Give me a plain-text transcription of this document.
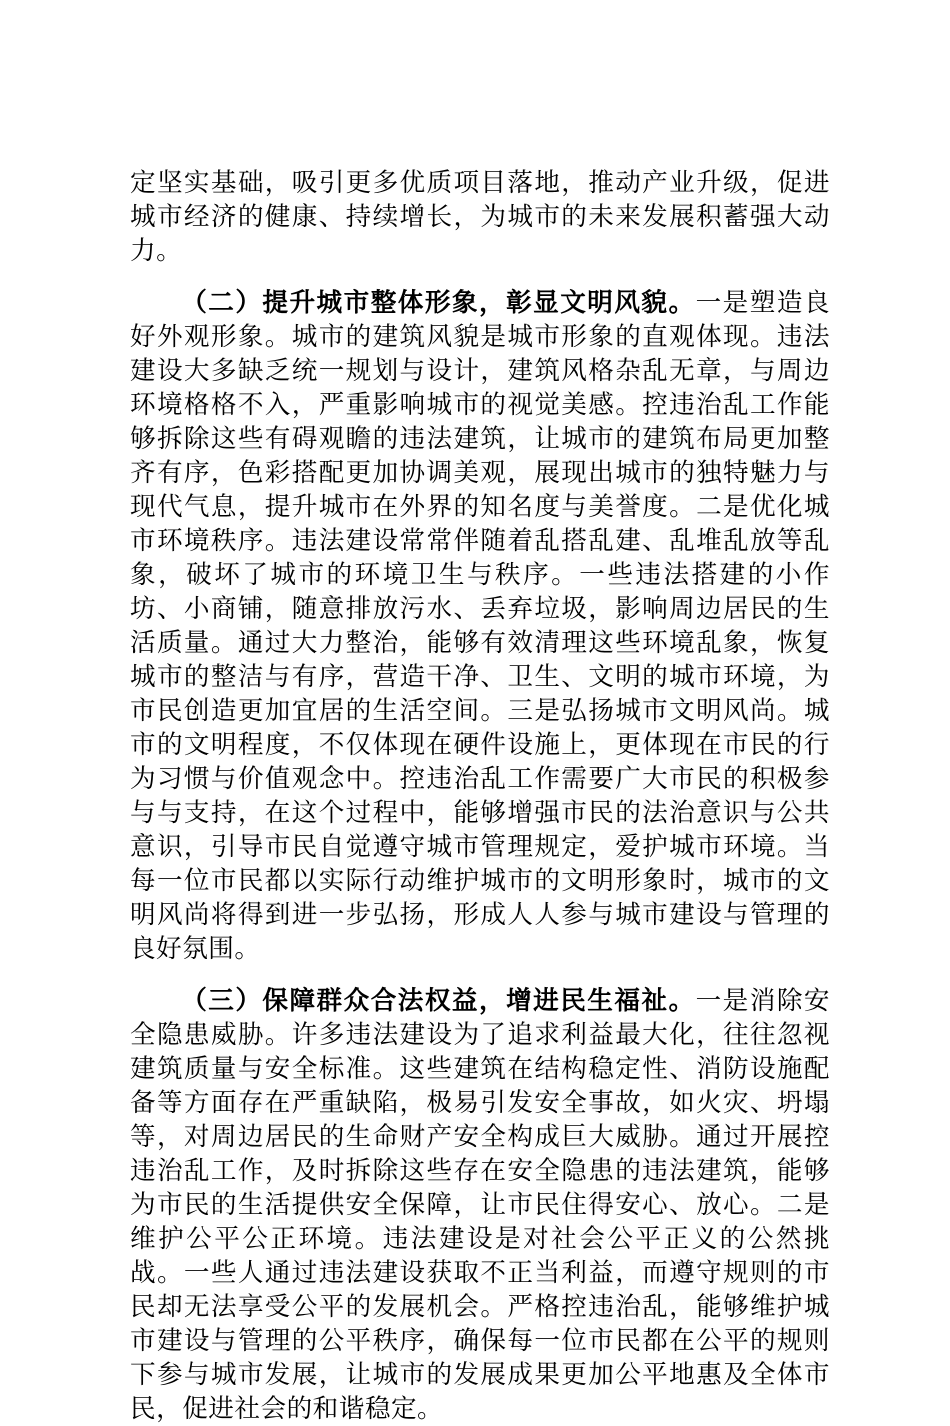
定坚实基础，吸引更多优质项目落地，推动产业升级，促进城市经济的健康、持续增长，为城市的未来发展积蓄强大动力。

（二）提升城市整体形象，彰显文明风貌。一是塑造良好外观形象。城市的建筑风貌是城市形象的直观体现。违法建设大多缺乏统一规划与设计，建筑风格杂乱无章，与周边环境格格不入，严重影响城市的视觉美感。控违治乱工作能够拆除这些有碍观瞻的违法建筑，让城市的建筑布局更加整齐有序，色彩搭配更加协调美观，展现出城市的独特魅力与现代气息，提升城市在外界的知名度与美誉度。二是优化城市环境秩序。违法建设常常伴随着乱搭乱建、乱堆乱放等乱象，破坏了城市的环境卫生与秩序。一些违法搭建的小作坊、小商铺，随意排放污水、丢弃垃圾，影响周边居民的生活质量。通过大力整治，能够有效清理这些环境乱象，恢复城市的整洁与有序，营造干净、卫生、文明的城市环境，为市民创造更加宜居的生活空间。三是弘扬城市文明风尚。城市的文明程度，不仅体现在硬件设施上，更体现在市民的行为习惯与价值观念中。控违治乱工作需要广大市民的积极参与与支持，在这个过程中，能够增强市民的法治意识与公共意识，引导市民自觉遵守城市管理规定，爱护城市环境。当每一位市民都以实际行动维护城市的文明形象时，城市的文明风尚将得到进一步弘扬，形成人人参与城市建设与管理的良好氛围。

（三）保障群众合法权益，增进民生福祉。一是消除安全隐患威胁。许多违法建设为了追求利益最大化，往往忽视建筑质量与安全标准。这些建筑在结构稳定性、消防设施配备等方面存在严重缺陷，极易引发安全事故，如火灾、坍塌等，对周边居民的生命财产安全构成巨大威胁。通过开展控违治乱工作，及时拆除这些存在安全隐患的违法建筑，能够为市民的生活提供安全保障，让市民住得安心、放心。二是维护公平公正环境。违法建设是对社会公平正义的公然挑战。一些人通过违法建设获取不正当利益，而遵守规则的市民却无法享受公平的发展机会。严格控违治乱，能够维护城市建设与管理的公平秩序，确保每一位市民都在公平的规则下参与城市发展，让城市的发展成果更加公平地惠及全体市民，促进社会的和谐稳定。
